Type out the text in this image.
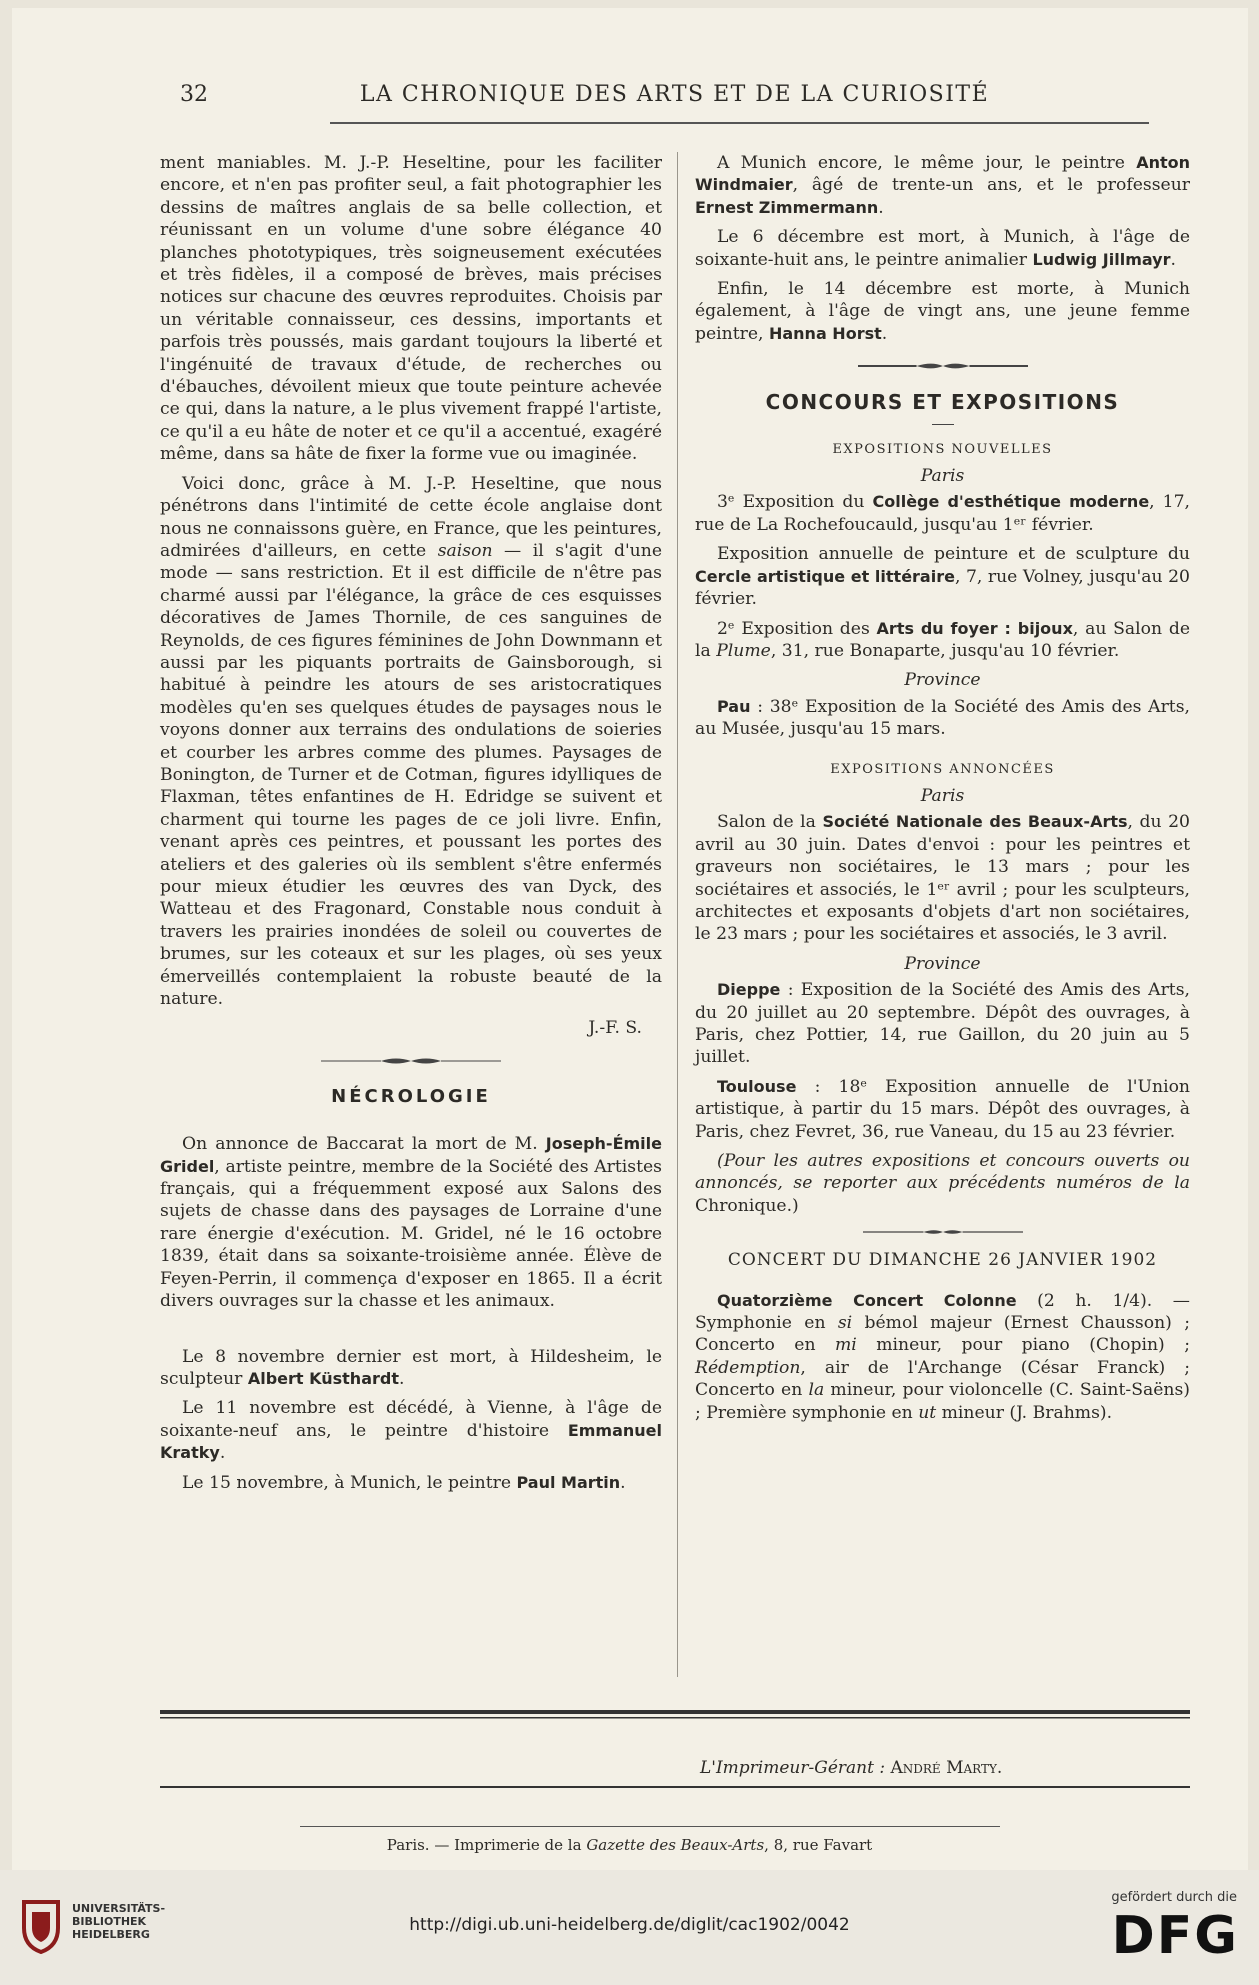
32	LA CHRONIQUE DES ARTS ET DE LA CURIOSITÉ

ment maniables. M. J.-P. Heseltine, pour les faciliter encore, et n'en pas profiter seul, a fait photographier les dessins de maîtres anglais de sa belle collection, et réunissant en un volume d'une sobre élégance 40 planches phototypiques, très soigneusement exécutées et très fidèles, il a composé de brèves, mais précises notices sur chacune des œuvres reproduites. Choisis par un véritable connaisseur, ces dessins, importants et parfois très poussés, mais gardant toujours la liberté et l'ingénuité de travaux d'étude, de recherches ou d'ébauches, dévoilent mieux que toute peinture achevée ce qui, dans la nature, a le plus vivement frappé l'artiste, ce qu'il a eu hâte de noter et ce qu'il a accentué, exagéré même, dans sa hâte de fixer la forme vue ou imaginée.

Voici donc, grâce à M. J.-P. Heseltine, que nous pénétrons dans l'intimité de cette école anglaise dont nous ne connaissons guère, en France, que les peintures, admirées d'ailleurs, en cette saison — il s'agit d'une mode — sans restriction. Et il est difficile de n'être pas charmé aussi par l'élégance, la grâce de ces esquisses décoratives de James Thornile, de ces sanguines de Reynolds, de ces figures féminines de John Downmann et aussi par les piquants portraits de Gainsborough, si habitué à peindre les atours de ses aristocratiques modèles qu'en ses quelques études de paysages nous le voyons donner aux terrains des ondulations de soieries et courber les arbres comme des plumes. Paysages de Bonington, de Turner et de Cotman, figures idylliques de Flaxman, têtes enfantines de H. Edridge se suivent et charment qui tourne les pages de ce joli livre. Enfin, venant après ces peintres, et poussant les portes des ateliers et des galeries où ils semblent s'être enfermés pour mieux étudier les œuvres des van Dyck, des Watteau et des Fragonard, Constable nous conduit à travers les prairies inondées de soleil ou couvertes de brumes, sur les coteaux et sur les plages, où ses yeux émerveillés contemplaient la robuste beauté de la nature.

J.-F. S.
NÉCROLOGIE

On annonce de Baccarat la mort de M. Joseph-Émile Gridel, artiste peintre, membre de la Société des Artistes français, qui a fréquemment exposé aux Salons des sujets de chasse dans des paysages de Lorraine d'une rare énergie d'exécution. M. Gridel, né le 16 octobre 1839, était dans sa soixante-troisième année. Élève de Feyen-Perrin, il commença d'exposer en 1865. Il a écrit divers ouvrages sur la chasse et les animaux.

Le 8 novembre dernier est mort, à Hildesheim, le sculpteur Albert Küsthardt.

Le 11 novembre est décédé, à Vienne, à l'âge de soixante-neuf ans, le peintre d'histoire Emmanuel Kratky.

Le 15 novembre, à Munich, le peintre Paul Martin.

A Munich encore, le même jour, le peintre Anton Windmaier, âgé de trente-un ans, et le professeur Ernest Zimmermann.

Le 6 décembre est mort, à Munich, à l'âge de soixante-huit ans, le peintre animalier Ludwig Jillmayr.

Enfin, le 14 décembre est morte, à Munich également, à l'âge de vingt ans, une jeune femme peintre, Hanna Horst.

CONCOURS ET EXPOSITIONS
EXPOSITIONS NOUVELLES
Paris

3ᵉ Exposition du Collège d'esthétique moderne, 17, rue de La Rochefoucauld, jusqu'au 1ᵉʳ février.

Exposition annuelle de peinture et de sculpture du Cercle artistique et littéraire, 7, rue Volney, jusqu'au 20 février.

2ᵉ Exposition des Arts du foyer : bijoux, au Salon de la Plume, 31, rue Bonaparte, jusqu'au 10 février.

Province

Pau : 38ᵉ Exposition de la Société des Amis des Arts, au Musée, jusqu'au 15 mars.

EXPOSITIONS ANNONCÉES
Paris

Salon de la Société Nationale des Beaux-Arts, du 20 avril au 30 juin. Dates d'envoi : pour les peintres et graveurs non sociétaires, le 13 mars ; pour les sociétaires et associés, le 1ᵉʳ avril ; pour les sculpteurs, architectes et exposants d'objets d'art non sociétaires, le 23 mars ; pour les sociétaires et associés, le 3 avril.

Province

Dieppe : Exposition de la Société des Amis des Arts, du 20 juillet au 20 septembre. Dépôt des ouvrages, à Paris, chez Pottier, 14, rue Gaillon, du 20 juin au 5 juillet.

Toulouse : 18ᵉ Exposition annuelle de l'Union artistique, à partir du 15 mars. Dépôt des ouvrages, à Paris, chez Fevret, 36, rue Vaneau, du 15 au 23 février.

(Pour les autres expositions et concours ouverts ou annoncés, se reporter aux précédents numéros de la Chronique.)

CONCERT DU DIMANCHE 26 JANVIER 1902

Quatorzième Concert Colonne (2 h. 1/4). — Symphonie en si bémol majeur (Ernest Chausson) ; Concerto en mi mineur, pour piano (Chopin) ; Rédemption, air de l'Archange (César Franck) ; Concerto en la mineur, pour violoncelle (C. Saint-Saëns) ; Première symphonie en ut mineur (J. Brahms).

L'Imprimeur-Gérant : André Marty.
Paris. — Imprimerie de la Gazette des Beaux-Arts, 8, rue Favart
UNIVERSITÄTS-
BIBLIOTHEK
HEIDELBERG	http://digi.ub.uni-heidelberg.de/diglit/cac1902/0042
gefördert durch die
DFG
